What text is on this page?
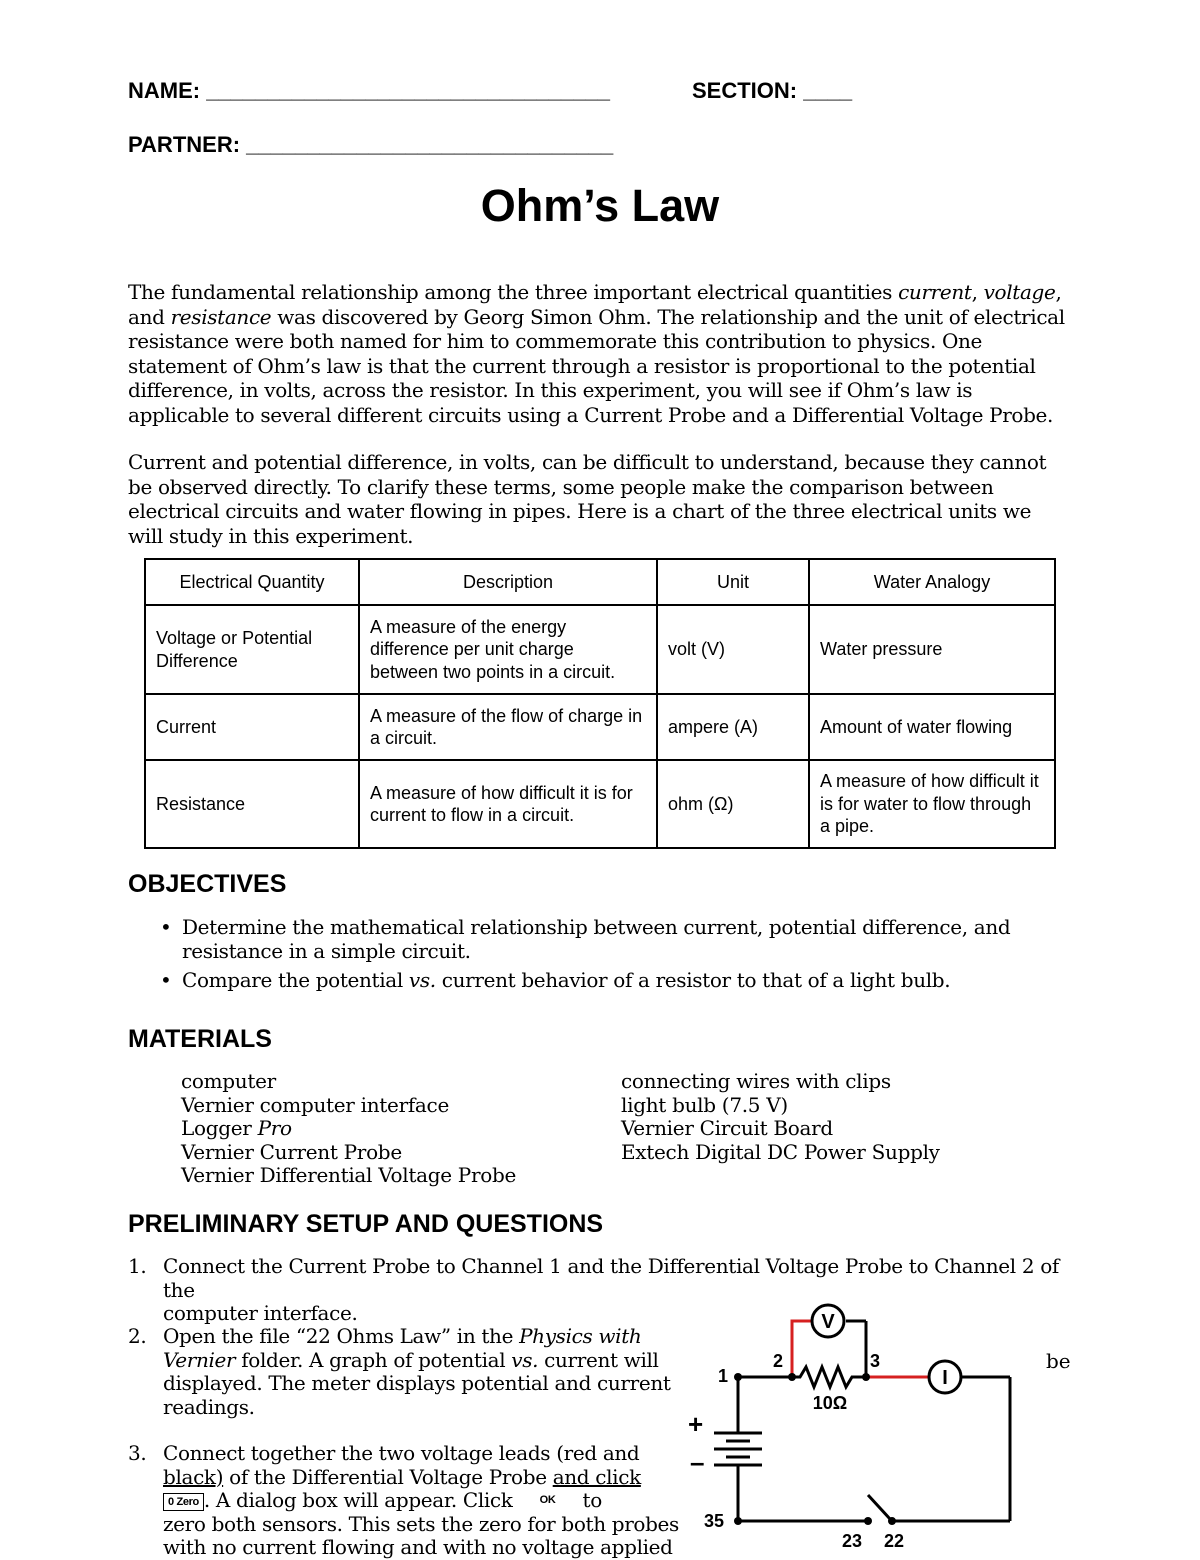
NAME: _________________________________	SECTION: ____
PARTNER: ______________________________
Ohm’s Law
The fundamental relationship among the three important electrical quantities current, voltage, and resistance was discovered by Georg Simon Ohm. The relationship and the unit of electrical resistance were both named for him to commemorate this contribution to physics. One statement of Ohm’s law is that the current through a resistor is proportional to the potential difference, in volts, across the resistor. In this experiment, you will see if Ohm’s law is applicable to several different circuits using a Current Probe and a Differential Voltage Probe.
Current and potential difference, in volts, can be difficult to understand, because they cannot be observed directly. To clarify these terms, some people make the comparison between electrical circuits and water flowing in pipes. Here is a chart of the three electrical units we will study in this experiment.
Electrical Quantity	Description	Unit	Water Analogy
Voltage or Potential Difference	A measure of the energy difference per unit charge between two points in a circuit.	volt (V)	Water pressure
Current	A measure of the flow of charge in a circuit.	ampere (A)	Amount of water flowing
Resistance	A measure of how difficult it is for current to flow in a circuit.	ohm (Ω)	A measure of how difficult it is for water to flow through a pipe.
OBJECTIVES
• Determine the mathematical relationship between current, potential difference, and resistance in a simple circuit.
• Compare the potential vs. current behavior of a resistor to that of a light bulb.
MATERIALS
computer
Vernier computer interface
Logger Pro
Vernier Current Probe
Vernier Differential Voltage Probe
connecting wires with clips
light bulb (7.5 V)
Vernier Circuit Board
Extech Digital DC Power Supply
PRELIMINARY SETUP AND QUESTIONS
1. Connect the Current Probe to Channel 1 and the Differential Voltage Probe to Channel 2 of the
computer interface.
2. Open the file “22 Ohms Law” in the Physics with
Vernier folder. A graph of potential vs. current will
displayed. The meter displays potential and current
readings.
be
3. Connect together the two voltage leads (red and
black) of the Differential Voltage Probe and click
0 Zero . A dialog box will appear. Click OK to
zero both sensors. This sets the zero for both probes
with no current flowing and with no voltage applied
V
I
10Ω
1
2	3
35
23 22
+
–
